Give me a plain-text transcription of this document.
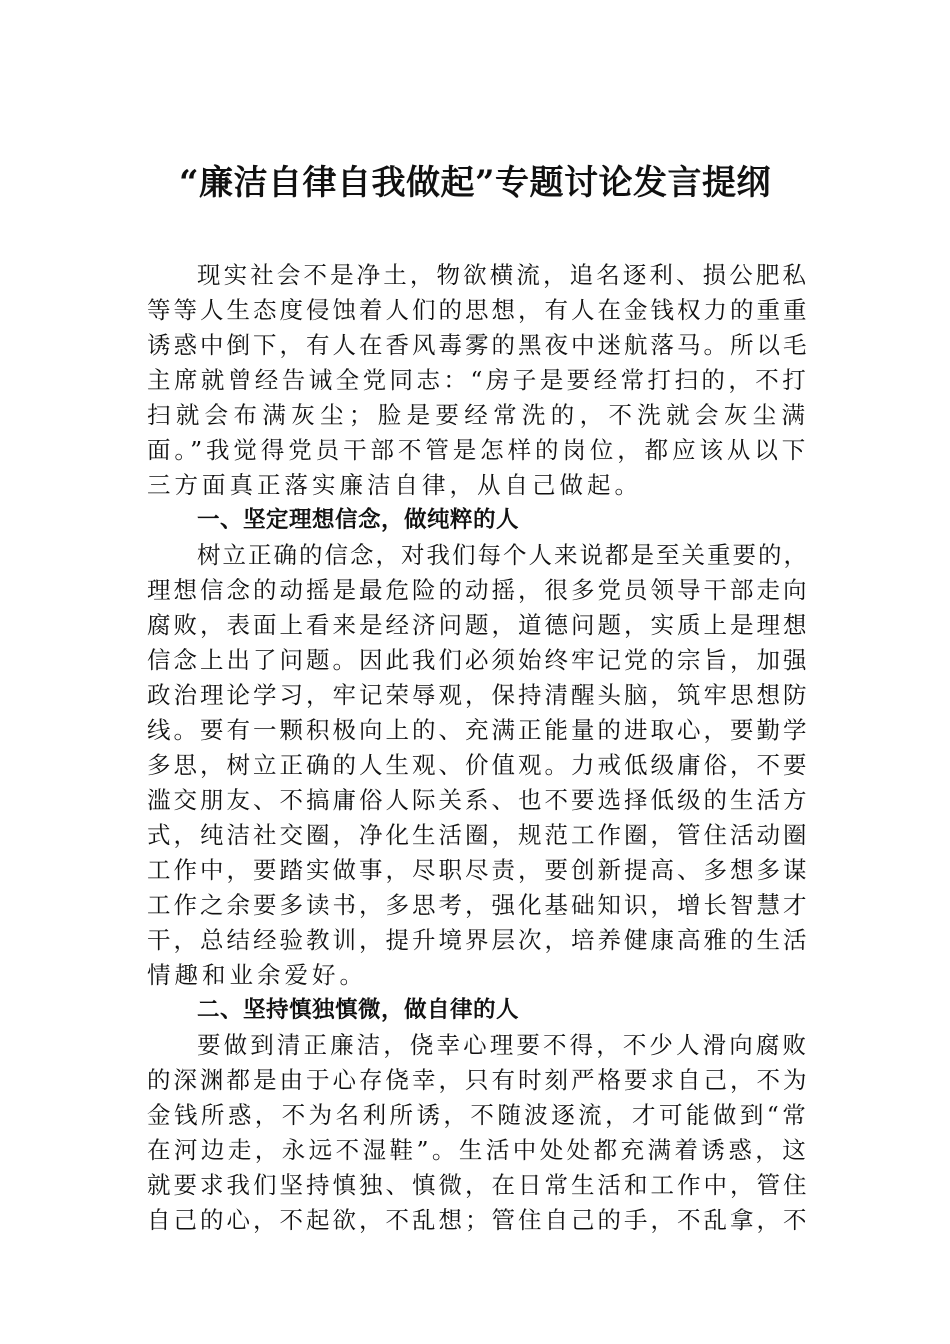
“廉洁自律自我做起”专题讨论发言提纲
现实社会不是净土，物欲横流，追名逐利、损公肥私
等等人生态度侵蚀着人们的思想，有人在金钱权力的重重
诱惑中倒下，有人在香风毒雾的黑夜中迷航落马。所以毛
主席就曾经告诫全党同志：“房子是要经常打扫的，不打
扫就会布满灰尘；脸是要经常洗的，不洗就会灰尘满
面。”我觉得党员干部不管是怎样的岗位，都应该从以下
三方面真正落实廉洁自律，从自己做起。
一、坚定理想信念，做纯粹的人
树立正确的信念，对我们每个人来说都是至关重要的，
理想信念的动摇是最危险的动摇，很多党员领导干部走向
腐败，表面上看来是经济问题，道德问题，实质上是理想
信念上出了问题。因此我们必须始终牢记党的宗旨，加强
政治理论学习，牢记荣辱观，保持清醒头脑，筑牢思想防
线。要有一颗积极向上的、充满正能量的进取心，要勤学
多思，树立正确的人生观、价值观。力戒低级庸俗，不要
滥交朋友、不搞庸俗人际关系、也不要选择低级的生活方
式，纯洁社交圈，净化生活圈，规范工作圈，管住活动圈
工作中，要踏实做事，尽职尽责，要创新提高、多想多谋
工作之余要多读书，多思考，强化基础知识，增长智慧才
干，总结经验教训，提升境界层次，培养健康高雅的生活
情趣和业余爱好。
二、坚持慎独慎微，做自律的人
要做到清正廉洁，侥幸心理要不得，不少人滑向腐败
的深渊都是由于心存侥幸，只有时刻严格要求自己，不为
金钱所惑，不为名利所诱，不随波逐流，才可能做到“常
在河边走，永远不湿鞋”。生活中处处都充满着诱惑，这
就要求我们坚持慎独、慎微，在日常生活和工作中，管住
自己的心，不起欲，不乱想；管住自己的手，不乱拿，不
